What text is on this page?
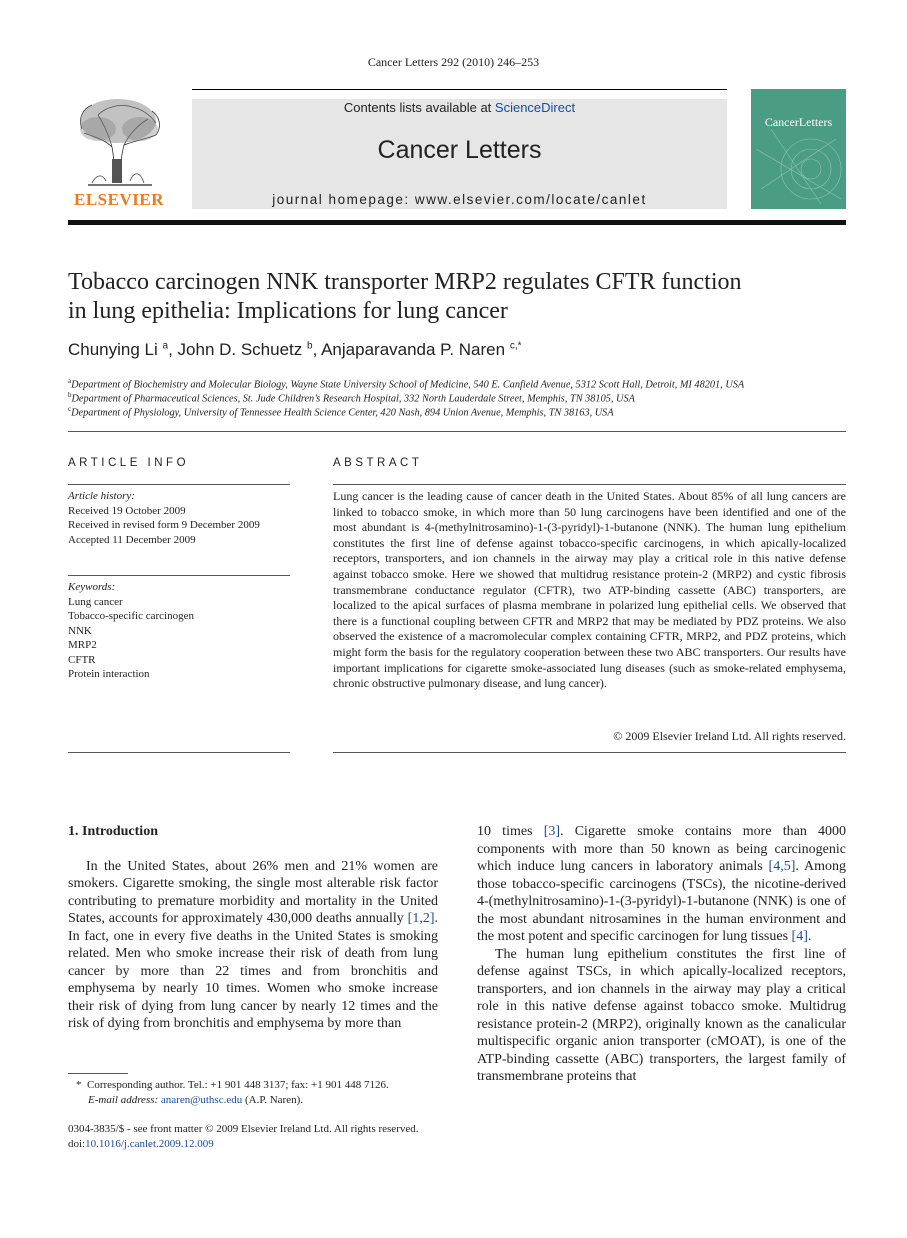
Cancer Letters 292 (2010) 246–253
ELSEVIER
Contents lists available at ScienceDirect
Cancer Letters
journal homepage: www.elsevier.com/locate/canlet
CancerLetters
Tobacco carcinogen NNK transporter MRP2 regulates CFTR function
in lung epithelia: Implications for lung cancer
Chunying Li $^a$, John D. Schuetz $^b$, Anjaparavanda P. Naren $^{c,*}$
$^a$Department of Biochemistry and Molecular Biology, Wayne State University School of Medicine, 540 E. Canfield Avenue, 5312 Scott Hall, Detroit, MI 48201, USA
$^b$Department of Pharmaceutical Sciences, St. Jude Children’s Research Hospital, 332 North Lauderdale Street, Memphis, TN 38105, USA
$^c$Department of Physiology, University of Tennessee Health Science Center, 420 Nash, 894 Union Avenue, Memphis, TN 38163, USA
ARTICLE INFO
Article history:
Received 19 October 2009
Received in revised form 9 December 2009
Accepted 11 December 2009
Keywords:
Lung cancer
Tobacco-specific carcinogen
NNK
MRP2
CFTR
Protein interaction
ABSTRACT
Lung cancer is the leading cause of cancer death in the United States. About 85% of all lung cancers are linked to tobacco smoke, in which more than 50 lung carcinogens have been identified and one of the most abundant is 4-(methylnitrosamino)-1-(3-pyridyl)-1-butanone (NNK). The human lung epithelium constitutes the first line of defense against tobacco-specific carcinogens, in which apically-localized receptors, transporters, and ion channels in the airway may play a critical role in this native defense against tobacco smoke. Here we showed that multidrug resistance protein-2 (MRP2) and cystic fibrosis transmembrane conductance regulator (CFTR), two ATP-binding cassette (ABC) transporters, are localized to the apical surfaces of plasma membrane in polarized lung epithelial cells. We observed that there is a functional coupling between CFTR and MRP2 that may be mediated by PDZ proteins. We also observed the existence of a macromolecular complex containing CFTR, MRP2, and PDZ proteins, which might form the basis for the regulatory cooperation between these two ABC transporters. Our results have important implications for cigarette smoke-associated lung diseases (such as smoke-related emphysema, chronic obstructive pulmonary disease, and lung cancer).
© 2009 Elsevier Ireland Ltd. All rights reserved.

1. Introduction

In the United States, about 26% men and 21% women are smokers. Cigarette smoking, the single most alterable risk factor contributing to premature morbidity and mortality in the United States, accounts for approximately 430,000 deaths annually [1,2]. In fact, one in every five deaths in the United States is smoking related. Men who smoke increase their risk of death from lung cancer by more than 22 times and from bronchitis and emphysema by nearly 10 times. Women who smoke increase their risk of dying from lung cancer by nearly 12 times and the risk of dying from bronchitis and emphysema by more than

10 times [3]. Cigarette smoke contains more than 4000 components with more than 50 known as being carcinogenic which induce lung cancers in laboratory animals [4,5]. Among those tobacco-specific carcinogens (TSCs), the nicotine-derived 4-(methylnitrosamino)-1-(3-pyridyl)-1-butanone (NNK) is one of the most abundant nitrosamines in the human environment and the most potent and specific carcinogen for lung tissues [4].

The human lung epithelium constitutes the first line of defense against TSCs, in which apically-localized receptors, transporters, and ion channels in the airway may play a critical role in this native defense against tobacco smoke. Multidrug resistance protein-2 (MRP2), originally known as the canalicular multispecific organic anion transporter (cMOAT), is one of the ATP-binding cassette (ABC) transporters, the largest family of transmembrane proteins that

* Corresponding author. Tel.: +1 901 448 3137; fax: +1 901 448 7126.
E-mail address: anaren@uthsc.edu (A.P. Naren).
0304-3835/$ - see front matter © 2009 Elsevier Ireland Ltd. All rights reserved.
doi:10.1016/j.canlet.2009.12.009
